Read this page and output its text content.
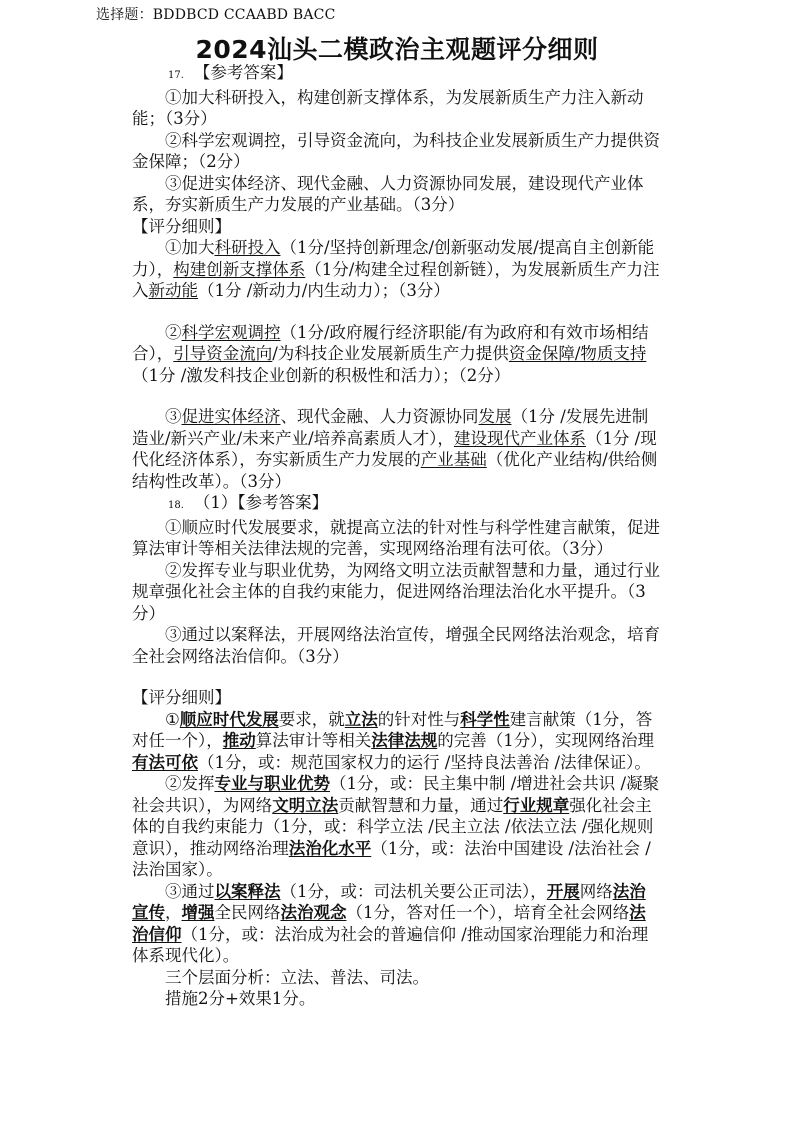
选择题：BDDBCD CCAABD BACC
2024汕头二模政治主观题评分细则

17. 【参考答案】

①加大科研投入，构建创新支撑体系，为发展新质生产力注入新动能；（3分）

②科学宏观调控，引导资金流向，为科技企业发展新质生产力提供资金保障；（2分）

③促进实体经济、现代金融、人力资源协同发展，建设现代产业体系，夯实新质生产力发展的产业基础。（3分）

【评分细则】

①加大科研投入（1分/坚持创新理念/创新驱动发展/提高自主创新能力），构建创新支撑体系（1分/构建全过程创新链），为发展新质生产力注入新动能（1分 /新动力/内生动力）；（3分）

②科学宏观调控（1分/政府履行经济职能/有为政府和有效市场相结合），引导资金流向/为科技企业发展新质生产力提供资金保障/物质支持（1分 /激发科技企业创新的积极性和活力）；（2分）

③促进实体经济、现代金融、人力资源协同发展（1分 /发展先进制造业/新兴产业/未来产业/培养高素质人才），建设现代产业体系（1分 /现代化经济体系），夯实新质生产力发展的产业基础（优化产业结构/供给侧结构性改革）。（3分）

18. （1）【参考答案】

①顺应时代发展要求，就提高立法的针对性与科学性建言献策，促进算法审计等相关法律法规的完善，实现网络治理有法可依。（3分）

②发挥专业与职业优势，为网络文明立法贡献智慧和力量，通过行业规章强化社会主体的自我约束能力，促进网络治理法治化水平提升。（3分）

③通过以案释法，开展网络法治宣传，增强全民网络法治观念，培育全社会网络法治信仰。（3分）

【评分细则】

①顺应时代发展要求，就立法的针对性与科学性建言献策（1分，答对任一个），推动算法审计等相关法律法规的完善（1分），实现网络治理有法可依（1分，或：规范国家权力的运行 /坚持良法善治 /法律保证）。

②发挥专业与职业优势（1分，或：民主集中制 /增进社会共识 /凝聚社会共识），为网络文明立法贡献智慧和力量，通过行业规章强化社会主体的自我约束能力（1分，或：科学立法 /民主立法 /依法立法 /强化规则意识），推动网络治理法治化水平（1分，或：法治中国建设 /法治社会 /法治国家）。

③通过以案释法（1分，或：司法机关要公正司法），开展网络法治宣传，增强全民网络法治观念（1分，答对任一个），培育全社会网络法治信仰（1分，或：法治成为社会的普遍信仰 /推动国家治理能力和治理体系现代化）。

三个层面分析：立法、普法、司法。

措施2分+效果1分。
